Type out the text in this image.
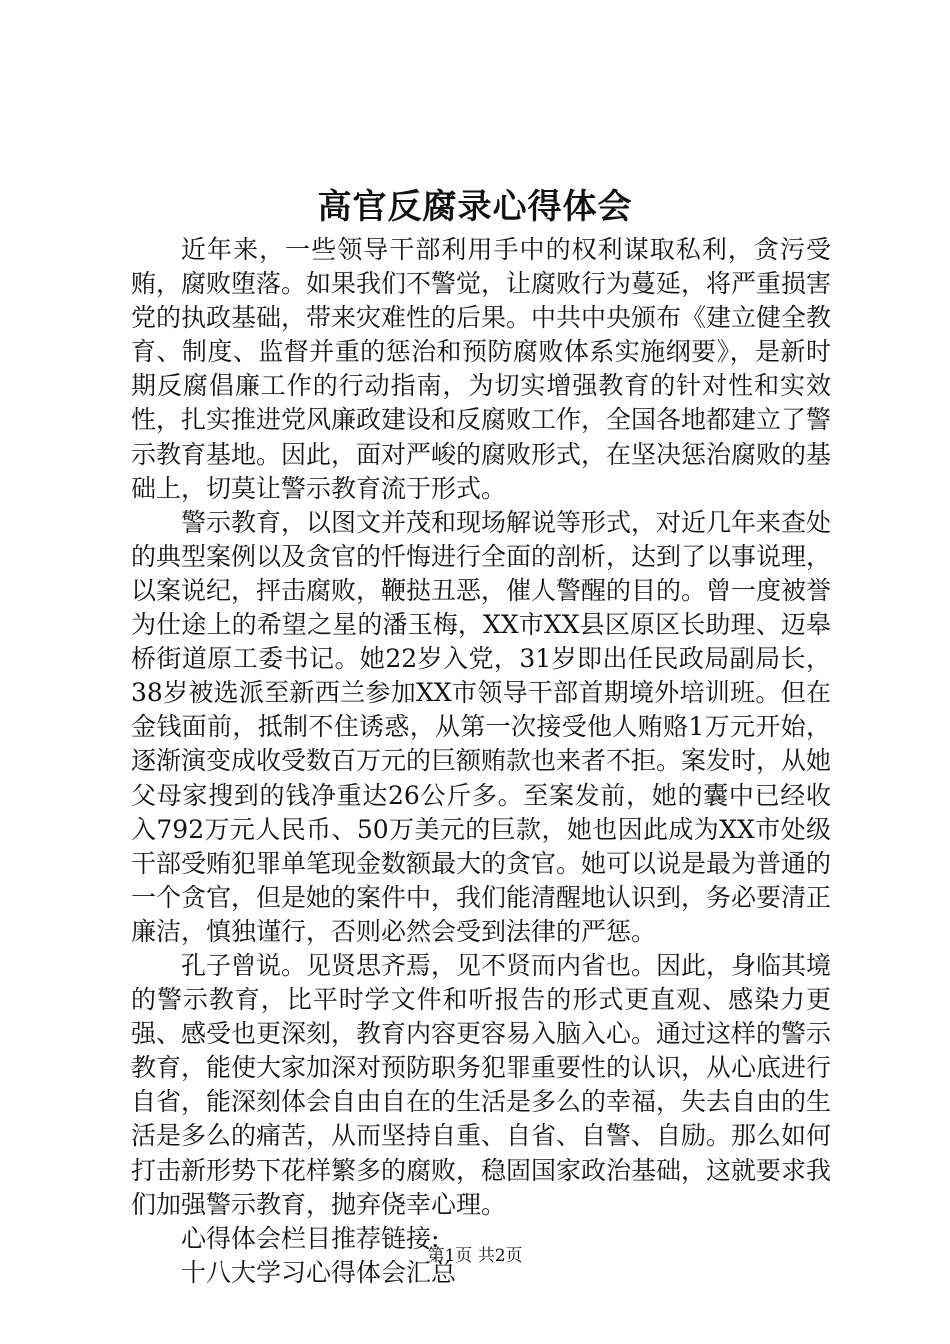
高官反腐录心得体会

近年来，一些领导干部利用手中的权利谋取私利，贪污受贿，腐败堕落。如果我们不警觉，让腐败行为蔓延，将严重损害党的执政基础，带来灾难性的后果。中共中央颁布《建立健全教育、制度、监督并重的惩治和预防腐败体系实施纲要》，是新时期反腐倡廉工作的行动指南，为切实增强教育的针对性和实效性，扎实推进党风廉政建设和反腐败工作，全国各地都建立了警示教育基地。因此，面对严峻的腐败形式，在坚决惩治腐败的基础上，切莫让警示教育流于形式。

警示教育，以图文并茂和现场解说等形式，对近几年来查处的典型案例以及贪官的忏悔进行全面的剖析，达到了以事说理，以案说纪，抨击腐败，鞭挞丑恶，催人警醒的目的。曾一度被誉为仕途上的希望之星的潘玉梅，XX市XX县区原区长助理、迈皋桥街道原工委书记。她22岁入党，31岁即出任民政局副局长，38岁被选派至新西兰参加XX市领导干部首期境外培训班。但在金钱面前，抵制不住诱惑，从第一次接受他人贿赂1万元开始，逐渐演变成收受数百万元的巨额贿款也来者不拒。案发时，从她父母家搜到的钱净重达26公斤多。至案发前，她的囊中已经收入792万元人民币、50万美元的巨款，她也因此成为XX市处级干部受贿犯罪单笔现金数额最大的贪官。她可以说是最为普通的一个贪官，但是她的案件中，我们能清醒地认识到，务必要清正廉洁，慎独谨行，否则必然会受到法律的严惩。

孔子曾说。见贤思齐焉，见不贤而内省也。因此，身临其境的警示教育，比平时学文件和听报告的形式更直观、感染力更强、感受也更深刻，教育内容更容易入脑入心。通过这样的警示教育，能使大家加深对预防职务犯罪重要性的认识，从心底进行自省，能深刻体会自由自在的生活是多么的幸福，失去自由的生活是多么的痛苦，从而坚持自重、自省、自警、自励。那么如何打击新形势下花样繁多的腐败，稳固国家政治基础，这就要求我们加强警示教育，抛弃侥幸心理。

心得体会栏目推荐链接:

十八大学习心得体会汇总

第1页 共2页
